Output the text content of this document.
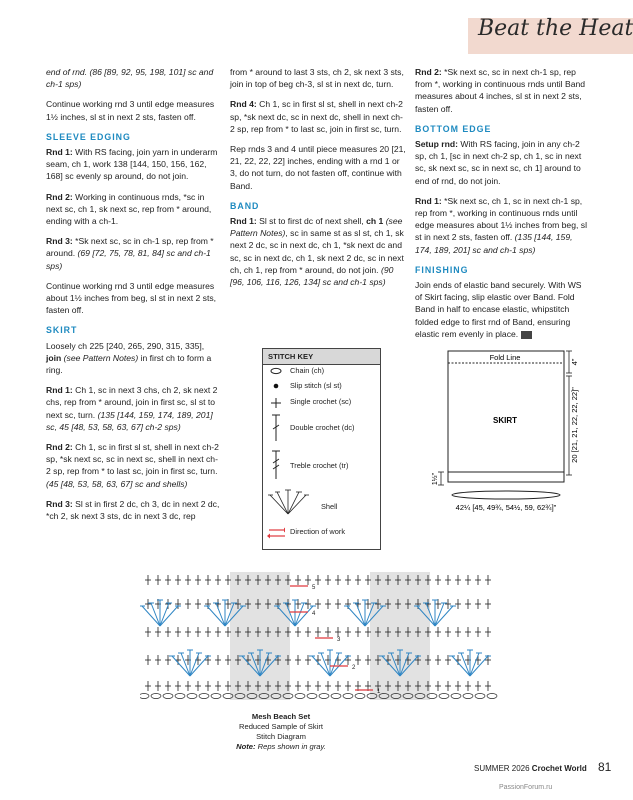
Beat the Heat

end of rnd. (86 [89, 92, 95, 198, 101] sc and ch-1 sps)

Continue working rnd 3 until edge measures 1½ inches, sl st in next 2 sts, fasten off.

SLEEVE EDGING

Rnd 1: With RS facing, join yarn in underarm seam, ch 1, work 138 [144, 150, 156, 162, 168] sc evenly sp around, do not join.

Rnd 2: Working in continuous rnds, *sc in next sc, ch 1, sk next sc, rep from * around, ending with a ch-1.

Rnd 3: *Sk next sc, sc in ch-1 sp, rep from * around. (69 [72, 75, 78, 81, 84] sc and ch-1 sps)

Continue working rnd 3 until edge measures about 1½ inches from beg, sl st in next 2 sts, fasten off.

SKIRT

Loosely ch 225 [240, 265, 290, 315, 335], join (see Pattern Notes) in first ch to form a ring.

Rnd 1: Ch 1, sc in next 3 chs, ch 2, sk next 2 chs, rep from * around, join in first sc, sl st to next sc, turn. (135 [144, 159, 174, 189, 201] sc, 45 [48, 53, 58, 63, 67] ch-2 sps)

Rnd 2: Ch 1, sc in first sl st, shell in next ch-2 sp, *sk next sc, sc in next sc, shell in next ch-2 sp, rep from * to last sc, join in first sc, turn. (45 [48, 53, 58, 63, 67] sc and shells)

Rnd 3: Sl st in first 2 dc, ch 3, dc in next 2 dc, *ch 2, sk next 3 sts, dc in next 3 dc, rep

from * around to last 3 sts, ch 2, sk next 3 sts, join in top of beg ch-3, sl st in next dc, turn.

Rnd 4: Ch 1, sc in first sl st, shell in next ch-2 sp, *sk next dc, sc in next dc, shell in next ch-2 sp, rep from * to last sc, join in first sc, turn.

Rep rnds 3 and 4 until piece measures 20 [21, 21, 22, 22, 22] inches, ending with a rnd 1 or 3, do not turn, do not fasten off, continue with Band.

BAND

Rnd 1: Sl st to first dc of next shell, ch 1 (see Pattern Notes), sc in same st as sl st, ch 1, sk next 2 dc, sc in next dc, ch 1, *sk next dc and sc, sc in next dc, ch 1, sk next 2 dc, sc in next ch, ch 1, rep from * around, do not join. (90 [96, 106, 116, 126, 134] sc and ch-1 sps)

Rnd 2: *Sk next sc, sc in next ch-1 sp, rep from *, working in continuous rnds until Band measures about 4 inches, sl st in next 2 sts, fasten off.

BOTTOM EDGE

Setup rnd: With RS facing, join in any ch-2 sp, ch 1, [sc in next ch-2 sp, ch 1, sc in next sc, sk next sc, sc in next sc, ch 1] around to end of rnd, do not join.

Rnd 1: *Sk next sc, ch 1, sc in next ch-1 sp, rep from *, working in continuous rnds until edge measures about 1½ inches from beg, sl st in next 2 sts, fasten off. (135 [144, 159, 174, 189, 201] sc and ch-1 sps)

FINISHING

Join ends of elastic band securely. With WS of Skirt facing, slip elastic over Band. Fold Band in half to encase elastic, whipstitch folded edge to first rnd of Band, ensuring elastic rem evenly in place.

STITCH KEY
Chain (ch)
Slip stitch (sl st)
Single crochet (sc)
Double crochet (dc)
Treble crochet (tr)
Shell
Direction of work
Fold Line
SKIRT
4"
20 [21, 21, 22, 22, 22]"
1½"
42¼ [45, 49¾, 54½, 59, 62¾]"
5
4
3
2
1
Mesh Beach Set
Reduced Sample of Skirt
Stitch Diagram
Note: Reps shown in gray.
SUMMER 2026 Crochet World 81
PassionForum.ru
